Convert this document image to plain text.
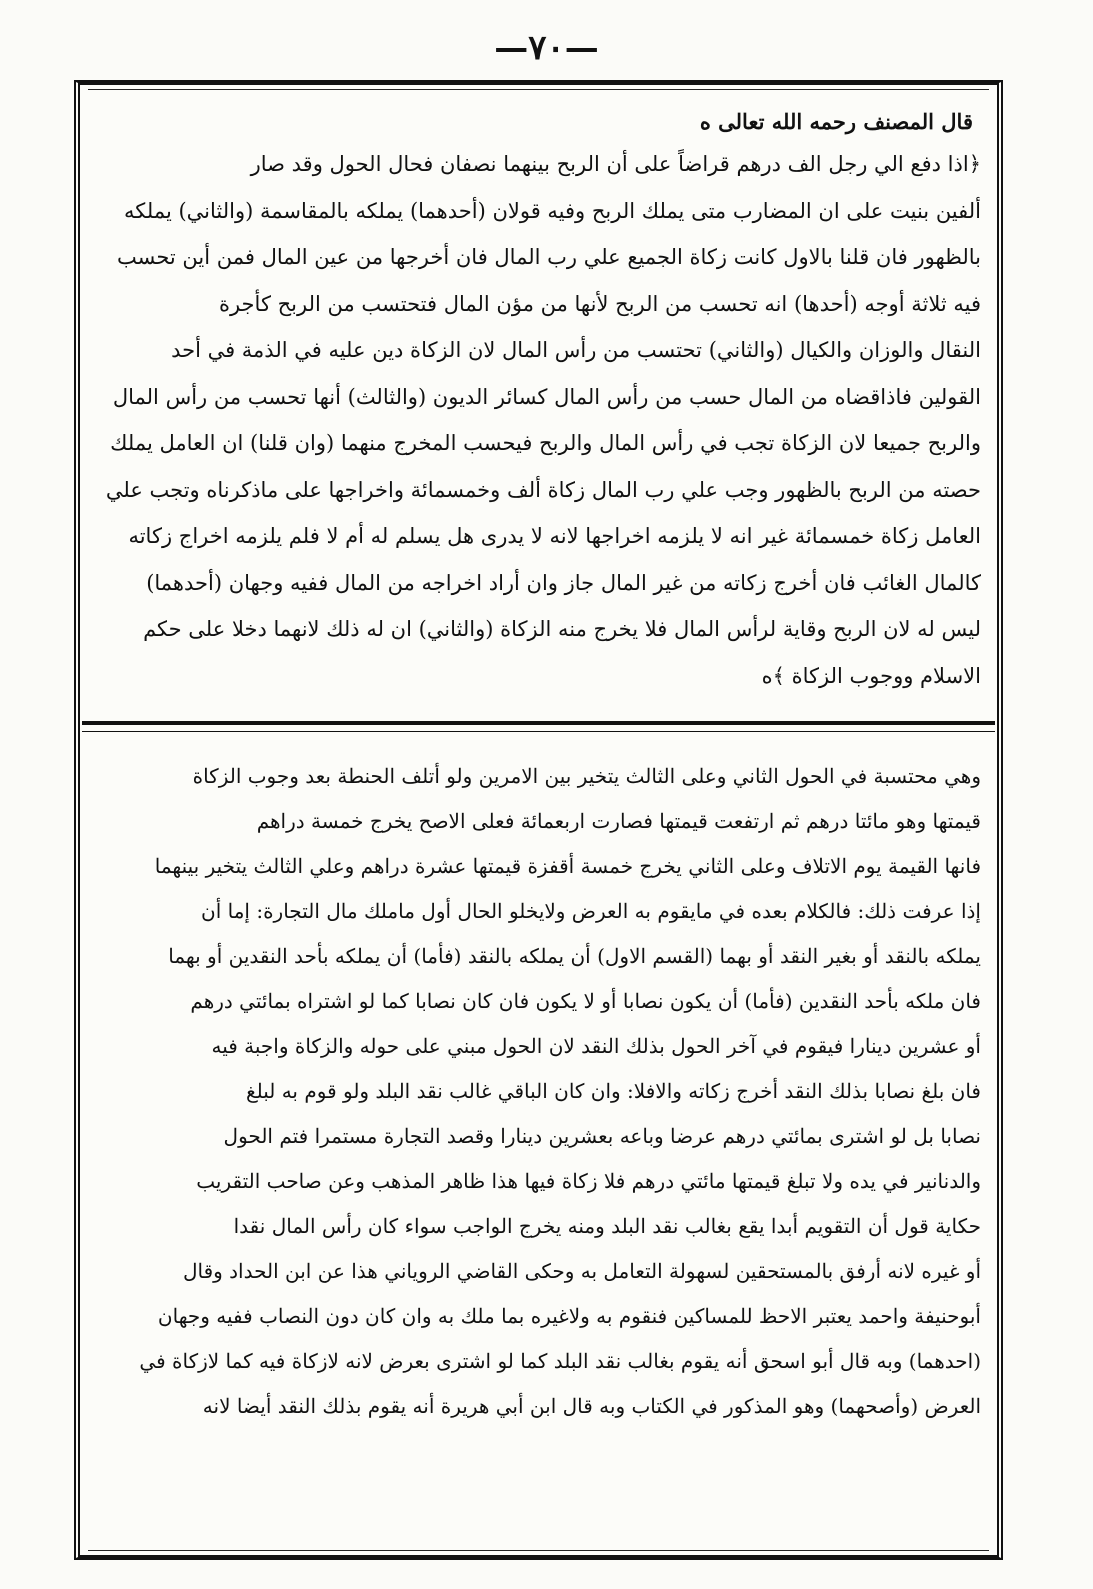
—٧٠—
قال المصنف رحمه الله تعالى ه

﴿اذا دفع الي رجل الف درهم قراضاً على أن الربح بينهما نصفان فحال الحول وقد صار

ألفين بنيت على ان المضارب متى يملك الربح وفيه قولان (أحدهما) يملكه بالمقاسمة (والثاني) يملكه

بالظهور فان قلنا بالاول كانت زكاة الجميع علي رب المال فان أخرجها من عين المال فمن أين تحسب

فيه ثلاثة أوجه (أحدها) انه تحسب من الربح لأنها من مؤن المال فتحتسب من الربح كأجرة

النقال والوزان والكيال (والثاني) تحتسب من رأس المال لان الزكاة دين عليه في الذمة في أحد

القولين فاذاقضاه من المال حسب من رأس المال كسائر الديون (والثالث) أنها تحسب من رأس المال

والربح جميعا لان الزكاة تجب في رأس المال والربح فيحسب المخرج منهما (وان قلنا) ان العامل يملك

حصته من الربح بالظهور وجب علي رب المال زكاة ألف وخمسمائة واخراجها على ماذكرناه وتجب علي

العامل زكاة خمسمائة غير انه لا يلزمه اخراجها لانه لا يدرى هل يسلم له أم لا فلم يلزمه اخراج زكاته

كالمال الغائب فان أخرج زكاته من غير المال جاز وان أراد اخراجه من المال ففيه وجهان (أحدهما)

ليس له لان الربح وقاية لرأس المال فلا يخرج منه الزكاة (والثاني) ان له ذلك لانهما دخلا على حكم

الاسلام ووجوب الزكاة ﴾ه

وهي محتسبة في الحول الثاني وعلى الثالث يتخير بين الامرين ولو أتلف الحنطة بعد وجوب الزكاة

قيمتها وهو مائتا درهم ثم ارتفعت قيمتها فصارت اربعمائة فعلى الاصح يخرج خمسة دراهم

فانها القيمة يوم الاتلاف وعلى الثاني يخرج خمسة أقفزة قيمتها عشرة دراهم وعلي الثالث يتخير بينهما

إذا عرفت ذلك: فالكلام بعده في مايقوم به العرض ولايخلو الحال أول ماملك مال التجارة: إما أن

يملكه بالنقد أو بغير النقد أو بهما (القسم الاول) أن يملكه بالنقد (فأما) أن يملكه بأحد النقدين أو بهما

فان ملكه بأحد النقدين (فأما) أن يكون نصابا أو لا يكون فان كان نصابا كما لو اشتراه بمائتي درهم

أو عشرين دينارا فيقوم في آخر الحول بذلك النقد لان الحول مبني على حوله والزكاة واجبة فيه

فان بلغ نصابا بذلك النقد أخرج زكاته والافلا: وان كان الباقي غالب نقد البلد ولو قوم به لبلغ

نصابا بل لو اشترى بمائتي درهم عرضا وباعه بعشرين دينارا وقصد التجارة مستمرا فتم الحول

والدنانير في يده ولا تبلغ قيمتها مائتي درهم فلا زكاة فيها هذا ظاهر المذهب وعن صاحب التقريب

حكاية قول أن التقويم أبدا يقع بغالب نقد البلد ومنه يخرج الواجب سواء كان رأس المال نقدا

أو غيره لانه أرفق بالمستحقين لسهولة التعامل به وحكى القاضي الروياني هذا عن ابن الحداد وقال

أبوحنيفة واحمد يعتبر الاحظ للمساكين فنقوم به ولاغيره بما ملك به وان كان دون النصاب ففيه وجهان

(احدهما) وبه قال أبو اسحق أنه يقوم بغالب نقد البلد كما لو اشترى بعرض لانه لازكاة فيه كما لازكاة في

العرض (وأصحهما) وهو المذكور في الكتاب وبه قال ابن أبي هريرة أنه يقوم بذلك النقد أيضا لانه
